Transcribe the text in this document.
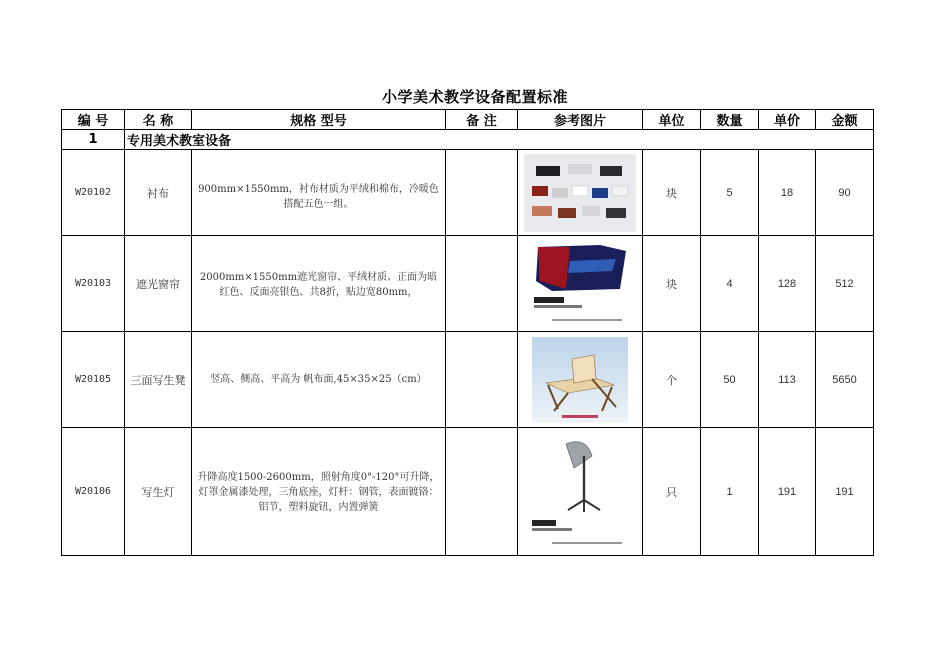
小学美术教学设备配置标准
编 号	名 称	规格 型号	备 注	参考图片	单位	数量	单价	金额
1	专用美术教室设备							
W20102	衬布	900mm×1550mm，衬布材质为平绒和棉布，冷暖色搭配五色一组。			块	5	18	90
W20103	遮光窗帘	2000mm×1550mm遮光窗帘、平绒材质、正面为暗红色、反面亮银色、共8折，贴边宽80mm，			块	4	128	512
W20105	三面写生凳	竖高、侧高、平高为 帆布面,45×35×25（cm）			个	50	113	5650
W20106	写生灯	升降高度1500-2600mm，照射角度0°-120°可升降，灯罩金属漆处理，三角底座，灯杆：钢管，表面镀铬：铝节，塑料旋钮，内置弹簧			只	1	191	191
